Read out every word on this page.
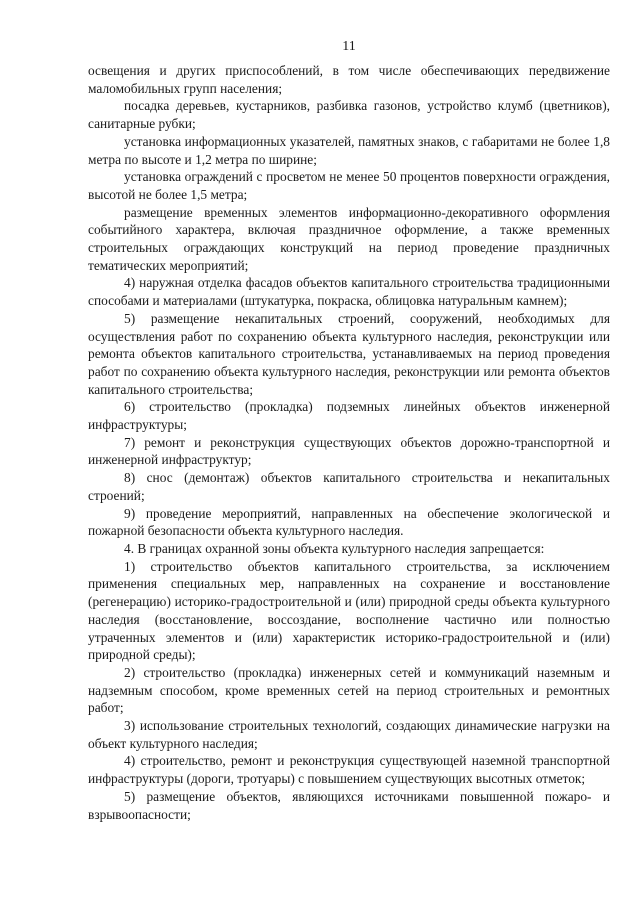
11

освещения и других приспособлений, в том числе обеспечивающих передвижение маломобильных групп населения;

посадка деревьев, кустарников, разбивка газонов, устройство клумб (цветников), санитарные рубки;

установка информационных указателей, памятных знаков, с габаритами не более 1,8 метра по высоте и 1,2 метра по ширине;

установка ограждений с просветом не менее 50 процентов поверхности ограждения, высотой не более 1,5 метра;

размещение временных элементов информационно-декоративного оформления событийного характера, включая праздничное оформление, а также временных строительных ограждающих конструкций на период проведение праздничных тематических мероприятий;

4) наружная отделка фасадов объектов капитального строительства традиционными способами и материалами (штукатурка, покраска, облицовка натуральным камнем);

5) размещение некапитальных строений, сооружений, необходимых для осуществления работ по сохранению объекта культурного наследия, реконструкции или ремонта объектов капитального строительства, устанавливаемых на период проведения работ по сохранению объекта культурного наследия, реконструкции или ремонта объектов капитального строительства;

6) строительство (прокладка) подземных линейных объектов инженерной инфраструктуры;

7) ремонт и реконструкция существующих объектов дорожно-транспортной и инженерной инфраструктур;

8) снос (демонтаж) объектов капитального строительства и некапитальных строений;

9) проведение мероприятий, направленных на обеспечение экологической и пожарной безопасности объекта культурного наследия.

4. В границах охранной зоны объекта культурного наследия запрещается:

1) строительство объектов капитального строительства, за исключением применения специальных мер, направленных на сохранение и восстановление (регенерацию) историко-градостроительной и (или) природной среды объекта культурного наследия (восстановление, воссоздание, восполнение частично или полностью утраченных элементов и (или) характеристик историко-градостроительной и (или) природной среды);

2) строительство (прокладка) инженерных сетей и коммуникаций наземным и надземным способом, кроме временных сетей на период строительных и ремонтных работ;

3) использование строительных технологий, создающих динамические нагрузки на объект культурного наследия;

4) строительство, ремонт и реконструкция существующей наземной транспортной инфраструктуры (дороги, тротуары) с повышением существующих высотных отметок;

5) размещение объектов, являющихся источниками повышенной пожаро- и взрывоопасности;
